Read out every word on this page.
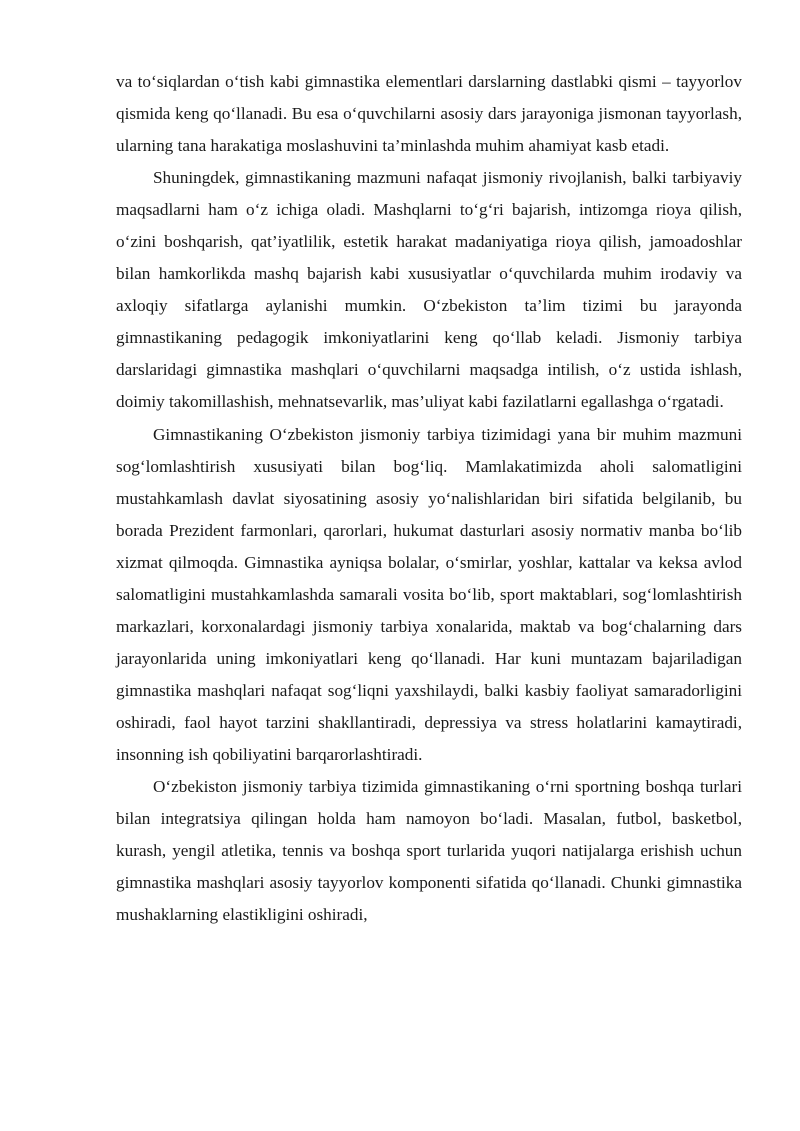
va to‘siqlardan o‘tish kabi gimnastika elementlari darslarning dastlabki qismi – tayyorlov qismida keng qo‘llanadi. Bu esa o‘quvchilarni asosiy dars jarayoniga jismonan tayyorlash, ularning tana harakatiga moslashuvini ta’minlashda muhim ahamiyat kasb etadi.

Shuningdek, gimnastikaning mazmuni nafaqat jismoniy rivojlanish, balki tarbiyaviy maqsadlarni ham o‘z ichiga oladi. Mashqlarni to‘g‘ri bajarish, intizomga rioya qilish, o‘zini boshqarish, qat’iyatlilik, estetik harakat madaniyatiga rioya qilish, jamoadoshlar bilan hamkorlikda mashq bajarish kabi xususiyatlar o‘quvchilarda muhim irodaviy va axloqiy sifatlarga aylanishi mumkin. O‘zbekiston ta’lim tizimi bu jarayonda gimnastikaning pedagogik imkoniyatlarini keng qo‘llab keladi. Jismoniy tarbiya darslaridagi gimnastika mashqlari o‘quvchilarni maqsadga intilish, o‘z ustida ishlash, doimiy takomillashish, mehnatsevarlik, mas’uliyat kabi fazilatlarni egallashga o‘rgatadi.

Gimnastikaning O‘zbekiston jismoniy tarbiya tizimidagi yana bir muhim mazmuni sog‘lomlashtirish xususiyati bilan bog‘liq. Mamlakatimizda aholi salomatligini mustahkamlash davlat siyosatining asosiy yo‘nalishlaridan biri sifatida belgilanib, bu borada Prezident farmonlari, qarorlari, hukumat dasturlari asosiy normativ manba bo‘lib xizmat qilmoqda. Gimnastika ayniqsa bolalar, o‘smirlar, yoshlar, kattalar va keksa avlod salomatligini mustahkamlashda samarali vosita bo‘lib, sport maktablari, sog‘lomlashtirish markazlari, korxonalardagi jismoniy tarbiya xonalarida, maktab va bog‘chalarning dars jarayonlarida uning imkoniyatlari keng qo‘llanadi. Har kuni muntazam bajariladigan gimnastika mashqlari nafaqat sog‘liqni yaxshilaydi, balki kasbiy faoliyat samaradorligini oshiradi, faol hayot tarzini shakllantiradi, depressiya va stress holatlarini kamaytiradi, insonning ish qobiliyatini barqarorlashtiradi.

O‘zbekiston jismoniy tarbiya tizimida gimnastikaning o‘rni sportning boshqa turlari bilan integratsiya qilingan holda ham namoyon bo‘ladi. Masalan, futbol, basketbol, kurash, yengil atletika, tennis va boshqa sport turlarida yuqori natijalarga erishish uchun gimnastika mashqlari asosiy tayyorlov komponenti sifatida qo‘llanadi. Chunki gimnastika mushaklarning elastikligini oshiradi,
